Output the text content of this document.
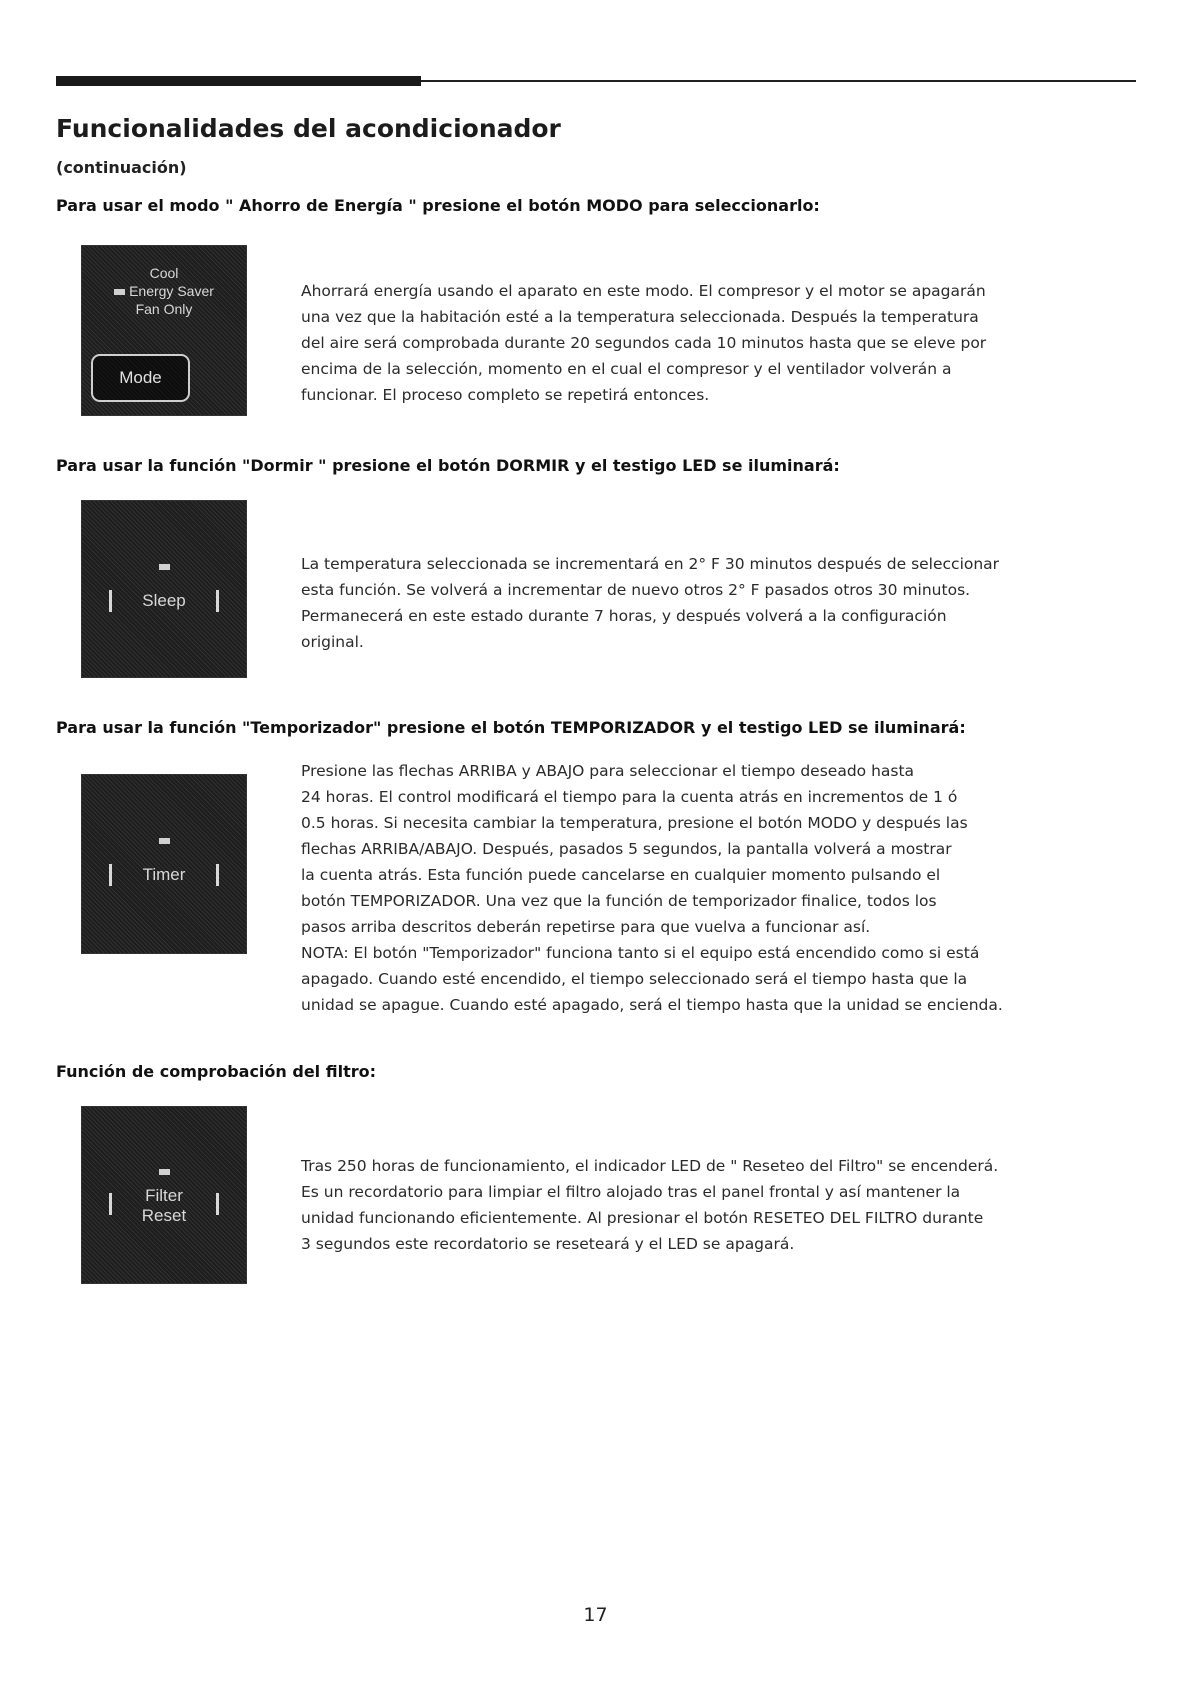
Funcionalidades del acondicionador
(continuación)
Para usar el modo " Ahorro de Energía " presione el botón MODO para seleccionarlo:
Cool
Energy Saver
Fan Only
Mode
Ahorrará energía usando el aparato en este modo. El compresor y el motor se apagarán
una vez que la habitación esté a la temperatura seleccionada. Después la temperatura
del aire será comprobada durante 20 segundos cada 10 minutos hasta que se eleve por
encima de la selección, momento en el cual el compresor y el ventilador volverán a
funcionar. El proceso completo se repetirá entonces.
Para usar la función "Dormir " presione el botón DORMIR y el testigo LED se iluminará:
Sleep
La temperatura seleccionada se incrementará en 2° F 30 minutos después de seleccionar
esta función. Se volverá a incrementar de nuevo otros 2° F pasados otros 30 minutos.
Permanecerá en este estado durante 7 horas, y después volverá a la configuración
original.
Para usar la función "Temporizador" presione el botón TEMPORIZADOR y el testigo LED se iluminará:
Timer
Presione las flechas ARRIBA y ABAJO para seleccionar el tiempo deseado hasta
24 horas. El control modificará el tiempo para la cuenta atrás en incrementos de 1 ó
0.5 horas. Si necesita cambiar la temperatura, presione el botón MODO y después las
flechas ARRIBA/ABAJO. Después, pasados 5 segundos, la pantalla volverá a mostrar
la cuenta atrás. Esta función puede cancelarse en cualquier momento pulsando el
botón TEMPORIZADOR. Una vez que la función de temporizador finalice, todos los
pasos arriba descritos deberán repetirse para que vuelva a funcionar así.
NOTA: El botón "Temporizador" funciona tanto si el equipo está encendido como si está
apagado. Cuando esté encendido, el tiempo seleccionado será el tiempo hasta que la
unidad se apague. Cuando esté apagado, será el tiempo hasta que la unidad se encienda.
Función de comprobación del filtro:
Filter
Reset
Tras 250 horas de funcionamiento, el indicador LED de " Reseteo del Filtro" se encenderá.
Es un recordatorio para limpiar el filtro alojado tras el panel frontal y así mantener la
unidad funcionando eficientemente. Al presionar el botón RESETEO DEL FILTRO durante
3 segundos este recordatorio se reseteará y el LED se apagará.
17
